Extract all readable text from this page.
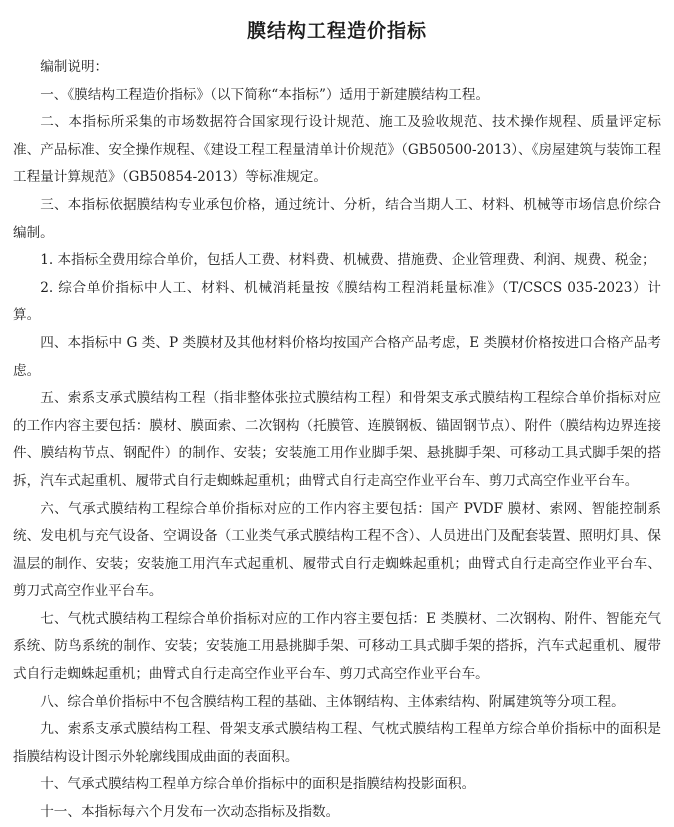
膜结构工程造价指标

编制说明：

一、《膜结构工程造价指标》（以下简称“本指标”）适用于新建膜结构工程。

二、本指标所采集的市场数据符合国家现行设计规范、施工及验收规范、技术操作规程、质量评定标准、产品标准、安全操作规程、《建设工程工程量清单计价规范》（GB50500-2013）、《房屋建筑与装饰工程工程量计算规范》（GB50854-2013）等标准规定。

三、本指标依据膜结构专业承包价格，通过统计、分析，结合当期人工、材料、机械等市场信息价综合编制。

1. 本指标全费用综合单价，包括人工费、材料费、机械费、措施费、企业管理费、利润、规费、税金；

2. 综合单价指标中人工、材料、机械消耗量按《膜结构工程消耗量标准》（T/CSCS 035-2023）计算。

四、本指标中 G 类、P 类膜材及其他材料价格均按国产合格产品考虑，E 类膜材价格按进口合格产品考虑。

五、索系支承式膜结构工程（指非整体张拉式膜结构工程）和骨架支承式膜结构工程综合单价指标对应的工作内容主要包括：膜材、膜面索、二次钢构（托膜管、连膜钢板、锚固钢节点）、附件（膜结构边界连接件、膜结构节点、钢配件）的制作、安装；安装施工用作业脚手架、悬挑脚手架、可移动工具式脚手架的搭拆，汽车式起重机、履带式自行走蜘蛛起重机；曲臂式自行走高空作业平台车、剪刀式高空作业平台车。

六、气承式膜结构工程综合单价指标对应的工作内容主要包括：国产 PVDF 膜材、索网、智能控制系统、发电机与充气设备、空调设备（工业类气承式膜结构工程不含）、人员进出门及配套装置、照明灯具、保温层的制作、安装；安装施工用汽车式起重机、履带式自行走蜘蛛起重机；曲臂式自行走高空作业平台车、剪刀式高空作业平台车。

七、气枕式膜结构工程综合单价指标对应的工作内容主要包括：E 类膜材、二次钢构、附件、智能充气系统、防鸟系统的制作、安装；安装施工用悬挑脚手架、可移动工具式脚手架的搭拆，汽车式起重机、履带式自行走蜘蛛起重机；曲臂式自行走高空作业平台车、剪刀式高空作业平台车。

八、综合单价指标中不包含膜结构工程的基础、主体钢结构、主体索结构、附属建筑等分项工程。

九、索系支承式膜结构工程、骨架支承式膜结构工程、气枕式膜结构工程单方综合单价指标中的面积是指膜结构设计图示外轮廓线围成曲面的表面积。

十、气承式膜结构工程单方综合单价指标中的面积是指膜结构投影面积。

十一、本指标每六个月发布一次动态指标及指数。
